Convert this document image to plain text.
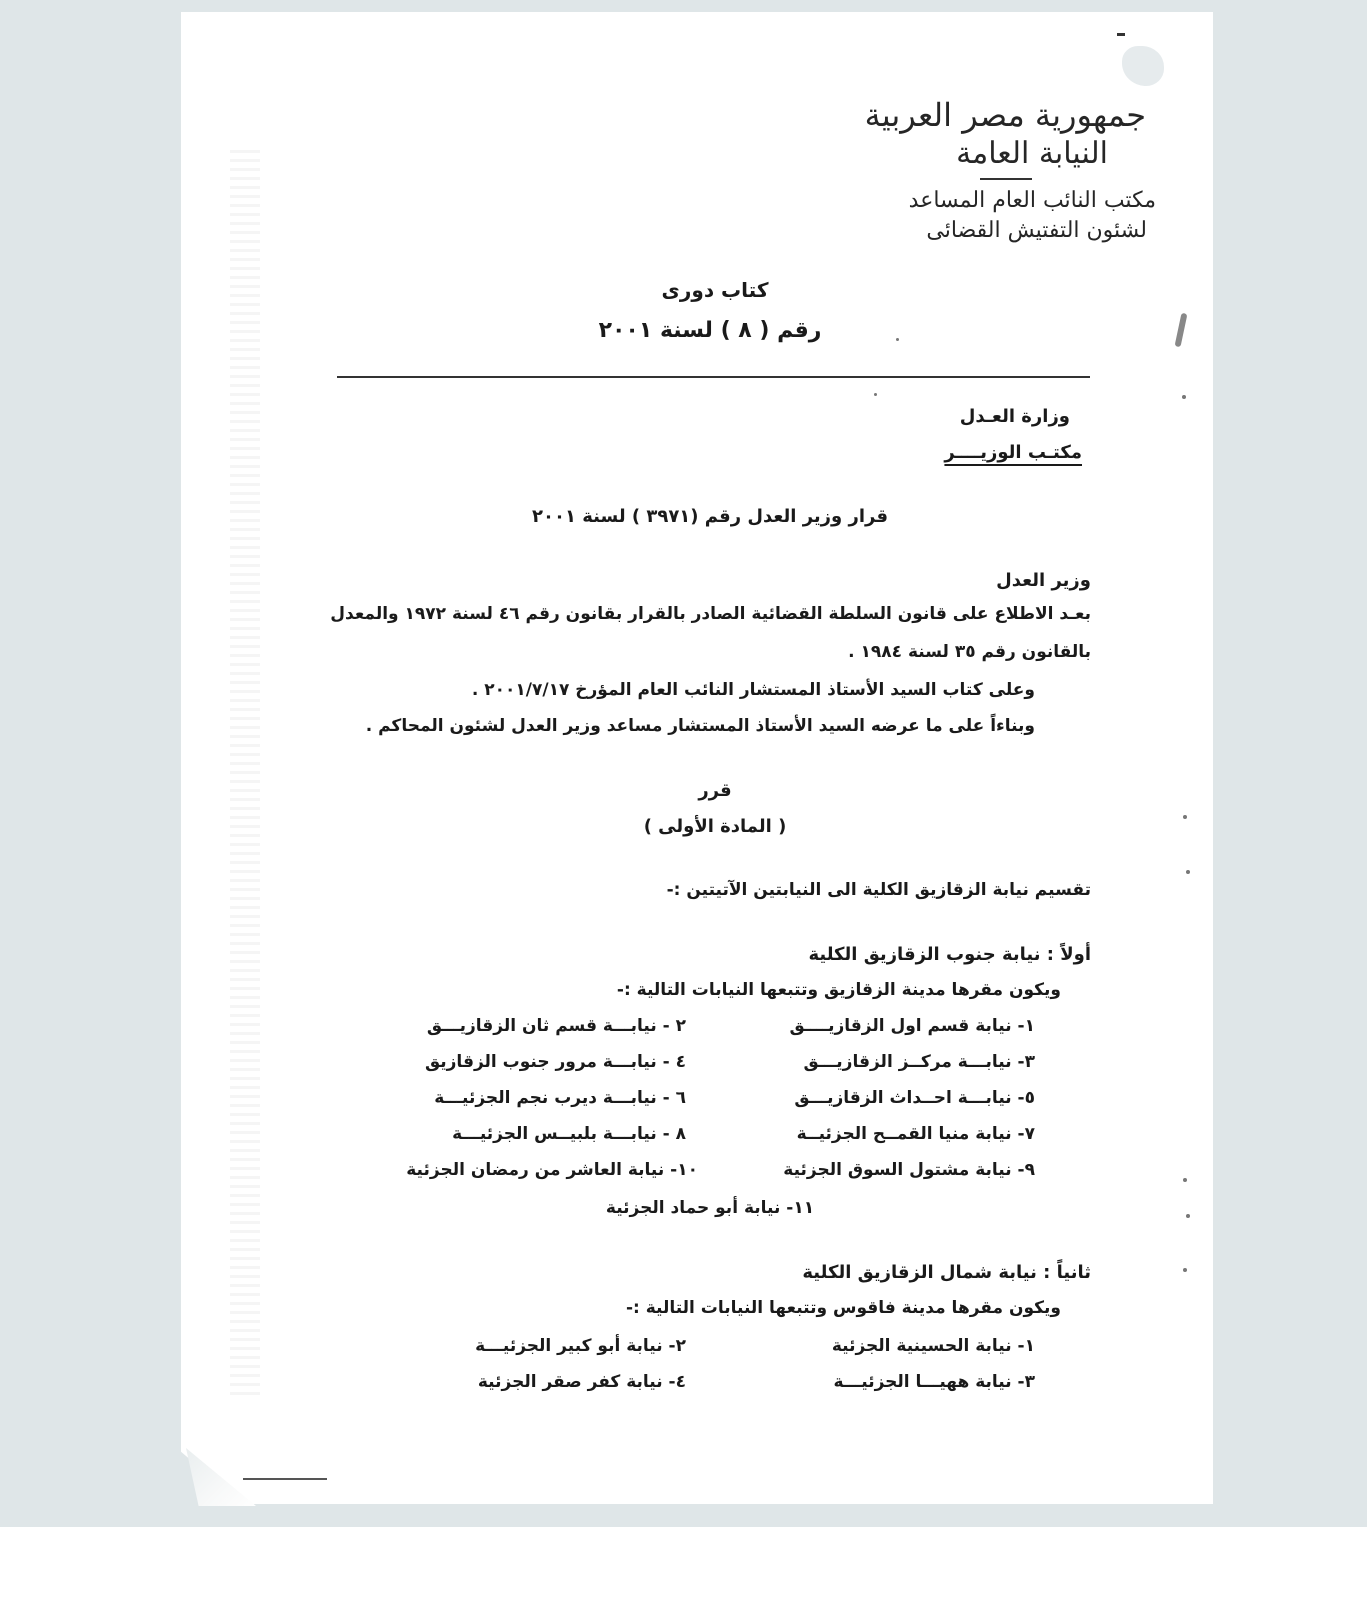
جمهورية مصر العربية
النيابة العامة
مكتب النائب العام المساعد
لشئون التفتيش القضائى
كتاب دورى
رقم ( ٨ ) لسنة ٢٠٠١
وزارة العـدل
مكتـب الوزيــــر
قرار وزير العدل رقم (٣٩٧١ ) لسنة ٢٠٠١
وزير العدل
بعـد الاطلاع على قانون السلطة القضائية الصادر بالقرار بقانون رقم ٤٦ لسنة ١٩٧٢ والمعدل
بالقانون رقم ٣٥ لسنة ١٩٨٤ .
وعلى كتاب السيد الأستاذ المستشار النائب العام المؤرخ ٢٠٠١/٧/١٧ .
وبناءاً على ما عرضه السيد الأستاذ المستشار مساعد وزير العدل لشئون المحاكم .
قرر
( المادة الأولى )
تقسيم نيابة الزقازيق الكلية الى النيابتين الآتيتين :-
أولاً : نيابة جنوب الزقازيق الكلية
ويكون مقرها مدينة الزقازيق وتتبعها النيابات التالية :-
١- نيابة قسم اول الزقازيــــق
٣- نيابـــة مركــز الزقازيـــق
٥- نيابـــة احــداث الزقازيـــق
٧- نيابة منيا القمــح الجزئيــة
٩- نيابة مشتول السوق الجزئية
٢ - نيابـــة قسم ثان الزقازيـــق
٤ - نيابـــة مرور جنوب الزقازيق
٦ - نيابـــة ديرب نجم الجزئيـــة
٨ - نيابـــة بلبيــس الجزئيـــة
١٠- نيابة العاشر من رمضان الجزئية
١١- نيابة أبو حماد الجزئية
ثانياً : نيابة شمال الزقازيق الكلية
ويكون مقرها مدينة فاقوس وتتبعها النيابات التالية :-
١- نيابة الحسينية الجزئية
٣- نيابة ههيـــا الجزئيـــة
٢- نيابة أبو كبير الجزئيـــة
٤- نيابة كفر صقر الجزئية
